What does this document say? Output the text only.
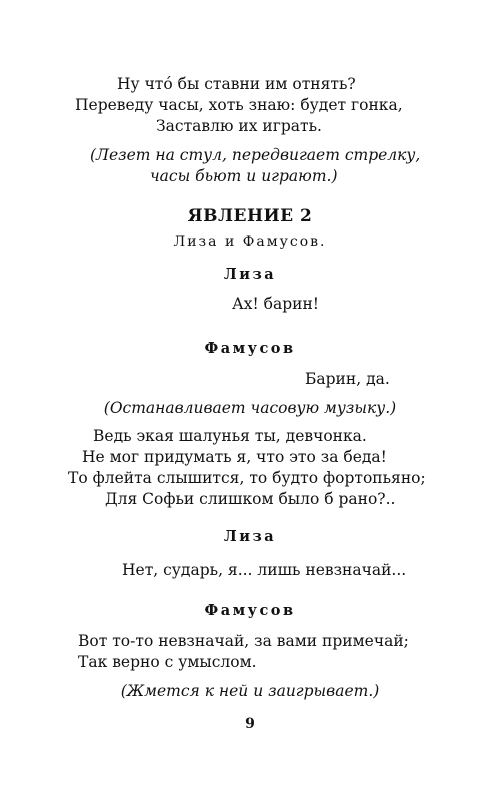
Ну что́ бы ставни им отнять?
Переведу часы, хоть знаю: будет гонка,
Заставлю их играть.
(Лезет на стул, передвигает стрелку,
часы бьют и играют.)
ЯВЛЕНИЕ 2
Лиза и Фамусов.
Лиза
Ах! барин!
Фамусов
Барин, да.
(Останавливает часовую музыку.)
Ведь экая шалунья ты, девчонка.
Не мог придумать я, что это за беда!
То флейта слышится, то будто фортопьяно;
Для Софьи слишком было б рано?..
Лиза
Нет, сударь, я... лишь невзначай...
Фамусов
Вот то-то невзначай, за вами примечай;
Так верно с умыслом.
(Жмется к ней и заигрывает.)
9
